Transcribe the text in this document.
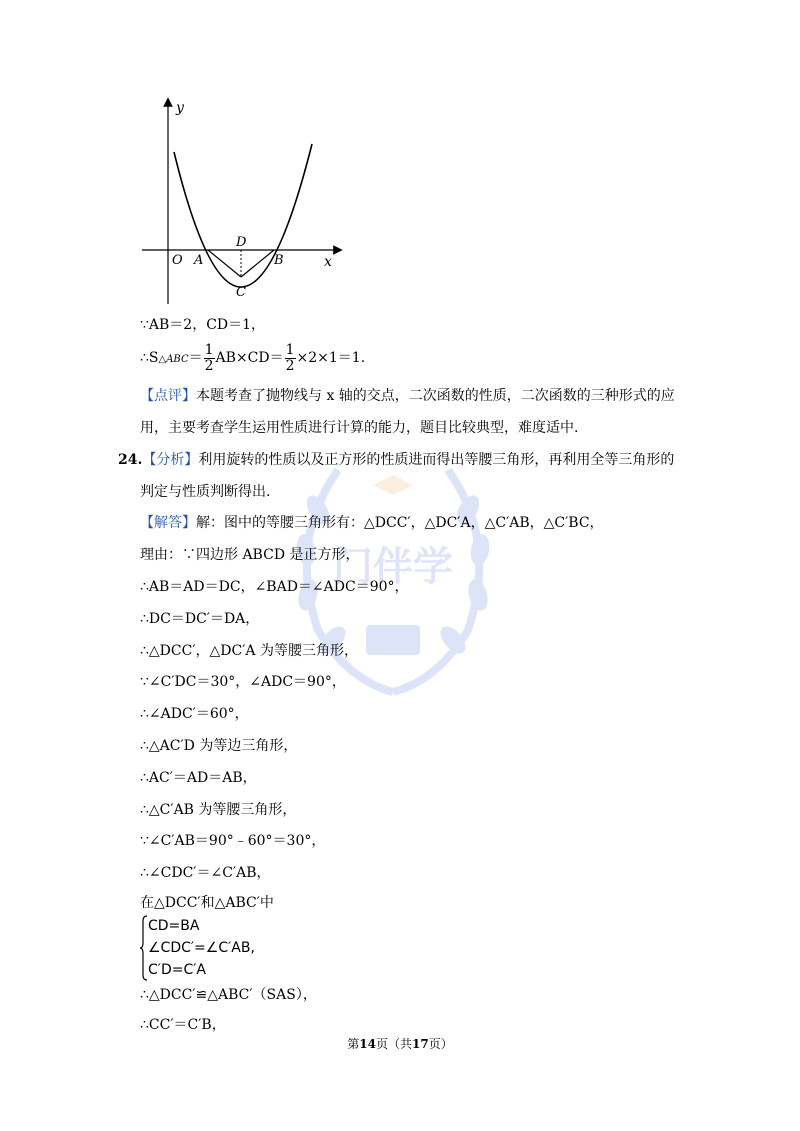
门伴学
y
x
O A	B
D
C
∵AB＝2，CD＝1，
∴S△ABC＝ $\frac{1}{2} AB\times CD= \frac{1}{2} \times 2\times 1=1$.
【点评】本题考查了抛物线与 x 轴的交点，二次函数的性质，二次函数的三种形式的应
用，主要考查学生运用性质进行计算的能力，题目比较典型，难度适中.
24.【分析】利用旋转的性质以及正方形的性质进而得出等腰三角形，再利用全等三角形的
判定与性质判断得出.
【解答】解：图中的等腰三角形有：△DCC′，△DC′A，△C′AB，△C′BC，
理由：∵四边形 ABCD 是正方形，
∴AB＝AD＝DC，∠BAD＝∠ADC＝90°，
∴DC＝DC′＝DA，
∴△DCC′，△DC′A 为等腰三角形，
∵∠C′DC＝30°，∠ADC＝90°，
∴∠ADC′＝60°，
∴△AC′D 为等边三角形，
∴AC′＝AD＝AB，
∴△C′AB 为等腰三角形，
∵∠C′AB＝90°﹣60°＝30°，
∴∠CDC′＝∠C′AB，
在△DCC′和△ABC′中
CD=BA
∠CDC′=∠C′AB,
C′D=C′A
∴△DCC′≌△ABC′（SAS），
∴CC′＝C′B，
第14页（共17页）
